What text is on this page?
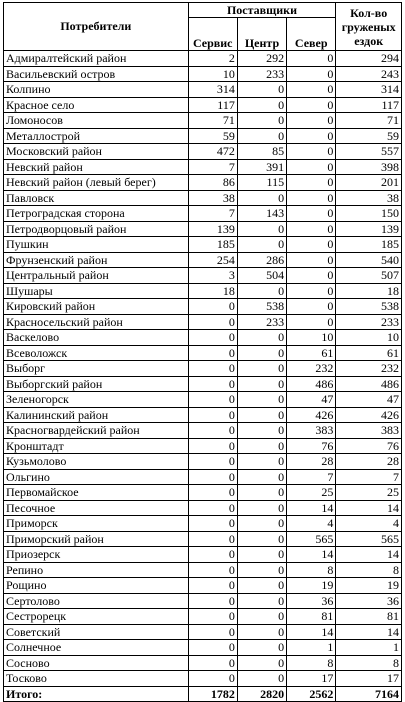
Потребители	Поставщики			Кол-во груженых ездок
	Сервис	Центр	Север	
Адмиралтейский район	2	292	0	294
Васильевский остров	10	233	0	243
Колпино	314	0	0	314
Красное село	117	0	0	117
Ломоносов	71	0	0	71
Металлострой	59	0	0	59
Московский район	472	85	0	557
Невский район	7	391	0	398
Невский район (левый берег)	86	115	0	201
Павловск	38	0	0	38
Петроградская сторона	7	143	0	150
Петродворцовый район	139	0	0	139
Пушкин	185	0	0	185
Фрунзенский район	254	286	0	540
Центральный район	3	504	0	507
Шушары	18	0	0	18
Кировский район	0	538	0	538
Красносельский район	0	233	0	233
Васкелово	0	0	10	10
Всеволожск	0	0	61	61
Выборг	0	0	232	232
Выборгский район	0	0	486	486
Зеленогорск	0	0	47	47
Калининский район	0	0	426	426
Красногвардейский район	0	0	383	383
Кронштадт	0	0	76	76
Кузьмолово	0	0	28	28
Ольгино	0	0	7	7
Первомайское	0	0	25	25
Песочное	0	0	14	14
Приморск	0	0	4	4
Приморский район	0	0	565	565
Приозерск	0	0	14	14
Репино	0	0	8	8
Рощино	0	0	19	19
Сертолово	0	0	36	36
Сестрорецк	0	0	81	81
Советский	0	0	14	14
Солнечное	0	0	1	1
Сосново	0	0	8	8
Тосково	0	0	17	17
Итого:	1782	2820	2562	7164
